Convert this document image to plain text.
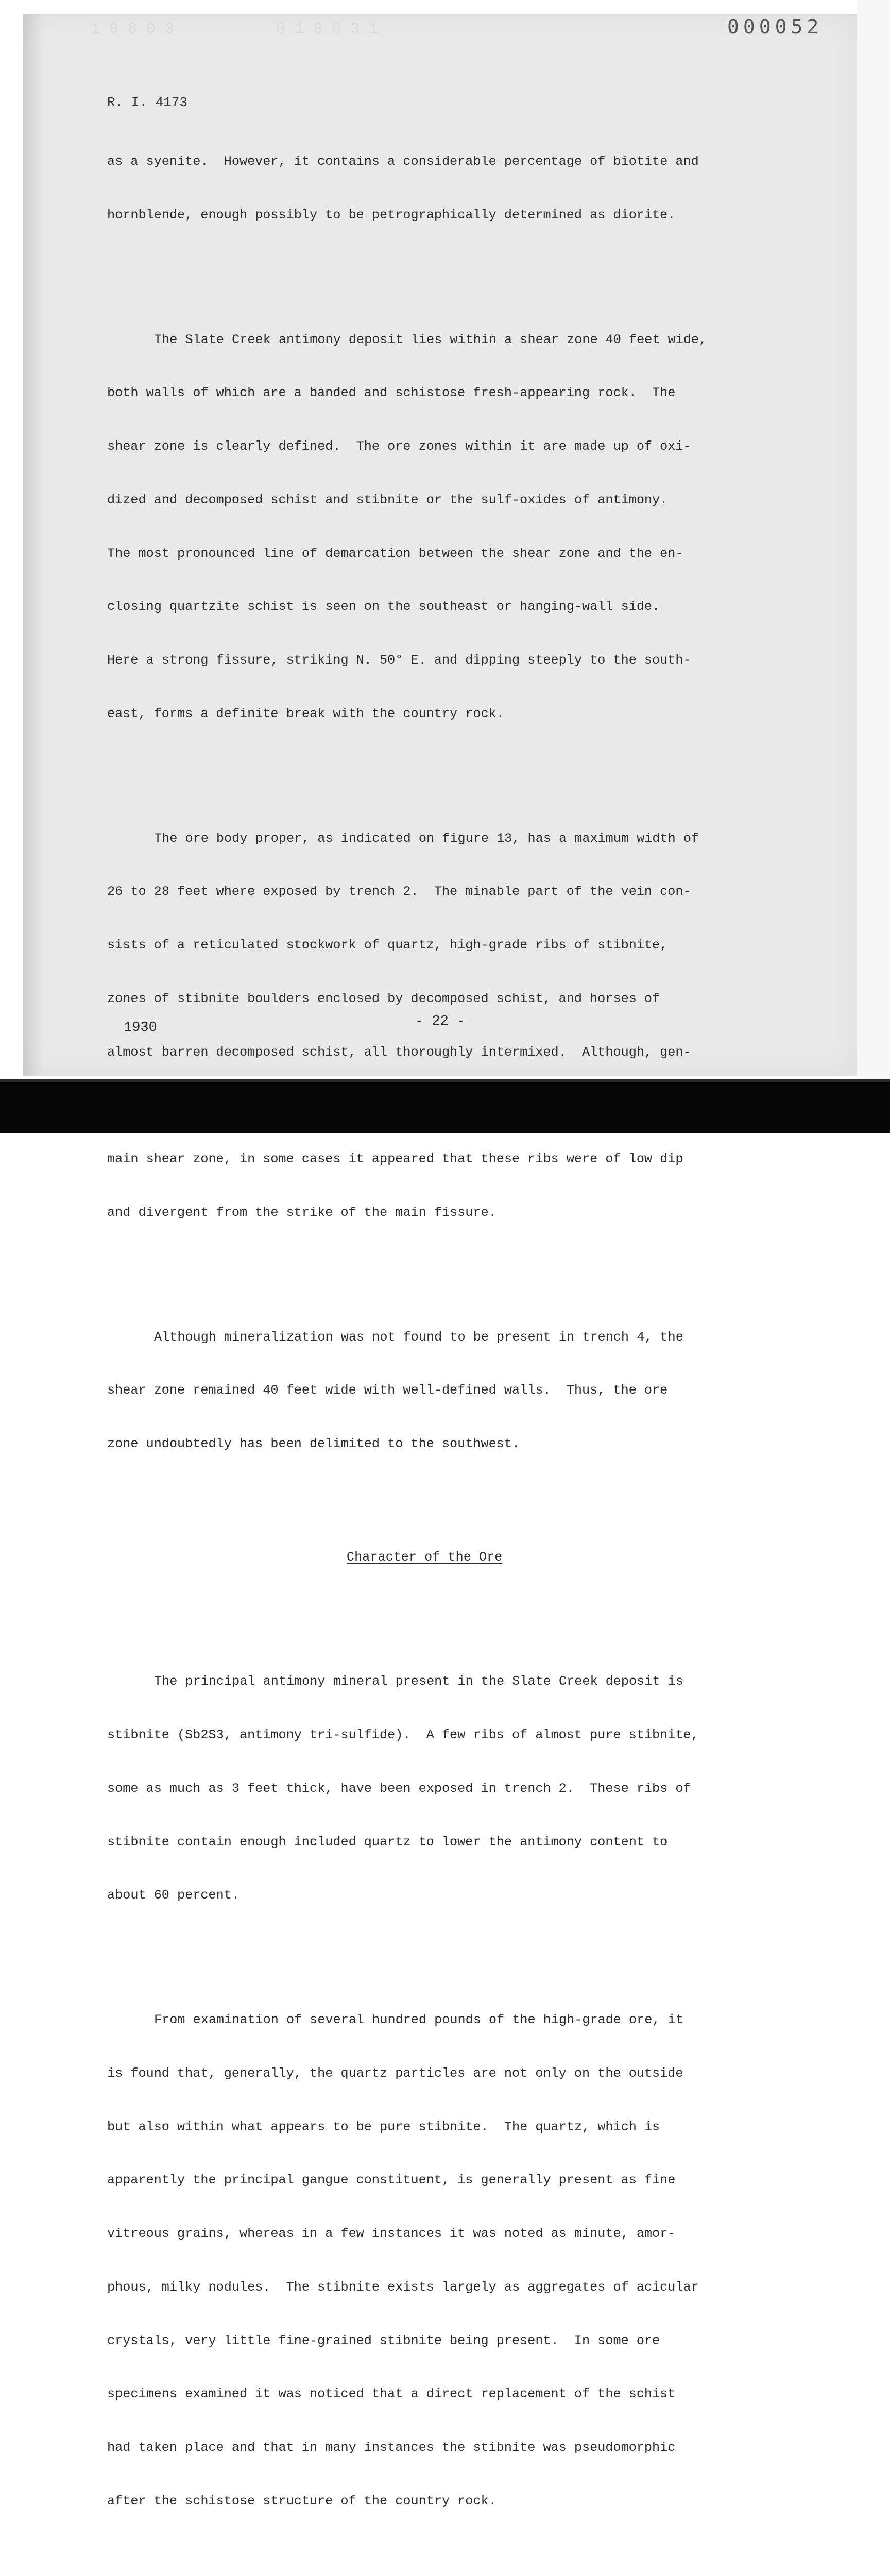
1 0 8 0 3           0 1 8 0 3 1	000052
R. I. 4173

as a syenite.  However, it contains a considerable percentage of biotite and

hornblende, enough possibly to be petrographically determined as diorite.

The Slate Creek antimony deposit lies within a shear zone 40 feet wide,

both walls of which are a banded and schistose fresh-appearing rock.  The

shear zone is clearly defined.  The ore zones within it are made up of oxi-

dized and decomposed schist and stibnite or the sulf-oxides of antimony.

The most pronounced line of demarcation between the shear zone and the en-

closing quartzite schist is seen on the southeast or hanging-wall side.

Here a strong fissure, striking N. 50° E. and dipping steeply to the south-

east, forms a definite break with the country rock.

The ore body proper, as indicated on figure 13, has a maximum width of

26 to 28 feet where exposed by trench 2.  The minable part of the vein con-

sists of a reticulated stockwork of quartz, high-grade ribs of stibnite,

zones of stibnite boulders enclosed by decomposed schist, and horses of

almost barren decomposed schist, all thoroughly intermixed.  Although, gen-

main shear zone, in some cases it appeared that these ribs were of low dip

and divergent from the strike of the main fissure.

Although mineralization was not found to be present in trench 4, the

shear zone remained 40 feet wide with well-defined walls.  Thus, the ore

zone undoubtedly has been delimited to the southwest.

Character of the Ore

The principal antimony mineral present in the Slate Creek deposit is

stibnite (Sb2S3, antimony tri-sulfide).  A few ribs of almost pure stibnite,

some as much as 3 feet thick, have been exposed in trench 2.  These ribs of

stibnite contain enough included quartz to lower the antimony content to

about 60 percent.

From examination of several hundred pounds of the high-grade ore, it

is found that, generally, the quartz particles are not only on the outside

but also within what appears to be pure stibnite.  The quartz, which is

apparently the principal gangue constituent, is generally present as fine

vitreous grains, whereas in a few instances it was noted as minute, amor-

phous, milky nodules.  The stibnite exists largely as aggregates of acicular

crystals, very little fine-grained stibnite being present.  In some ore

specimens examined it was noticed that a direct replacement of the schist

had taken place and that in many instances the stibnite was pseudomorphic

after the schistose structure of the country rock.

1930	- 22 -
